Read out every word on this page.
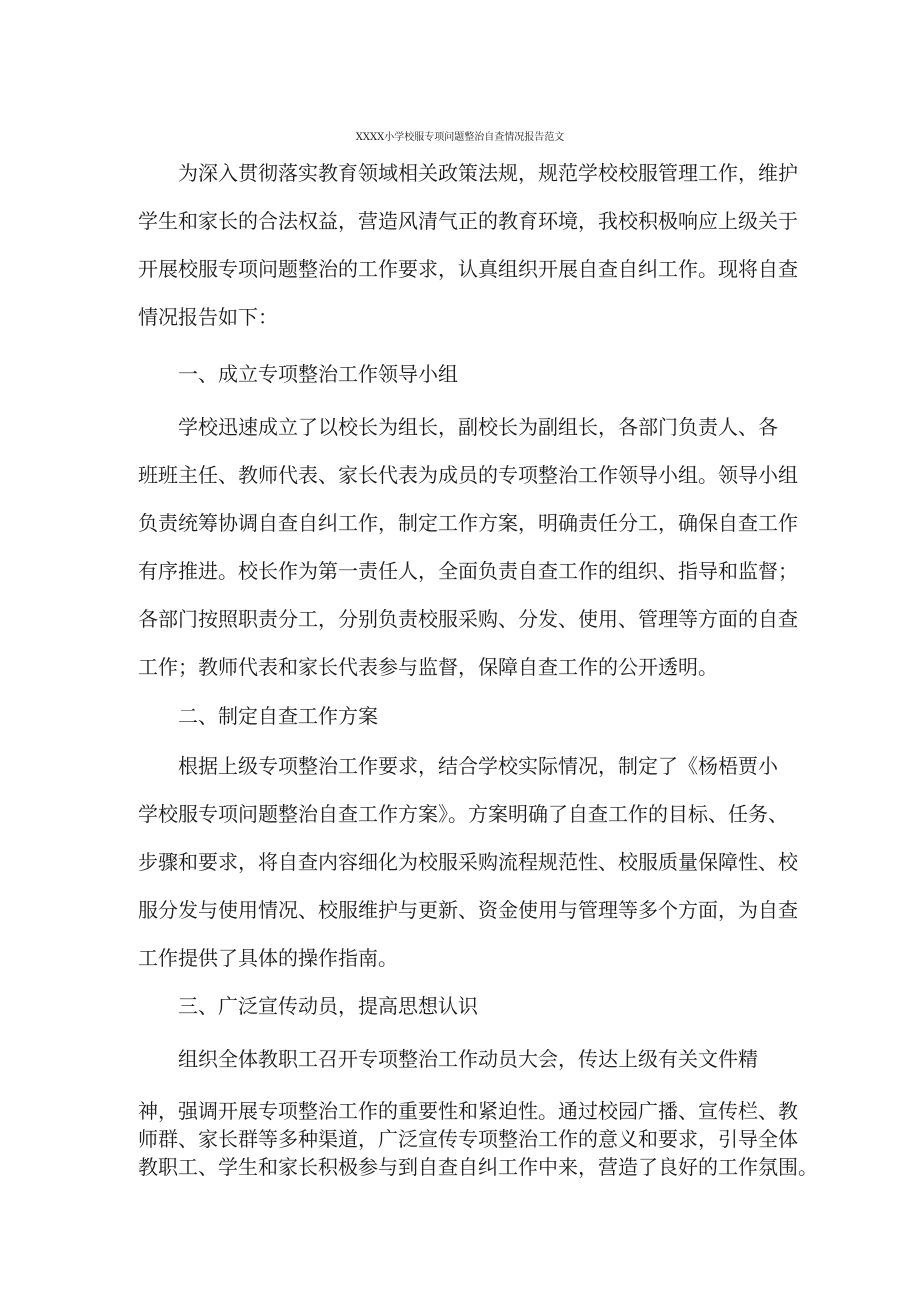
XXXX小学校服专项问题整治自查情况报告范文

为深入贯彻落实教育领域相关政策法规，规范学校校服管理工作，维护

学生和家长的合法权益，营造风清气正的教育环境，我校积极响应上级关于

开展校服专项问题整治的工作要求，认真组织开展自查自纠工作。现将自查

情况报告如下：

一、成立专项整治工作领导小组

学校迅速成立了以校长为组长，副校长为副组长，各部门负责人、各

班班主任、教师代表、家长代表为成员的专项整治工作领导小组。领导小组

负责统筹协调自查自纠工作，制定工作方案，明确责任分工，确保自查工作

有序推进。校长作为第一责任人，全面负责自查工作的组织、指导和监督；

各部门按照职责分工，分别负责校服采购、分发、使用、管理等方面的自查

工作；教师代表和家长代表参与监督，保障自查工作的公开透明。

二、制定自查工作方案

根据上级专项整治工作要求，结合学校实际情况，制定了《杨梧贾小

学校服专项问题整治自查工作方案》。方案明确了自查工作的目标、任务、

步骤和要求，将自查内容细化为校服采购流程规范性、校服质量保障性、校

服分发与使用情况、校服维护与更新、资金使用与管理等多个方面，为自查

工作提供了具体的操作指南。

三、广泛宣传动员，提高思想认识

组织全体教职工召开专项整治工作动员大会，传达上级有关文件精

神，强调开展专项整治工作的重要性和紧迫性。通过校园广播、宣传栏、教

师群、家长群等多种渠道，广泛宣传专项整治工作的意义和要求，引导全体

教职工、学生和家长积极参与到自查自纠工作中来，营造了良好的工作氛围。
